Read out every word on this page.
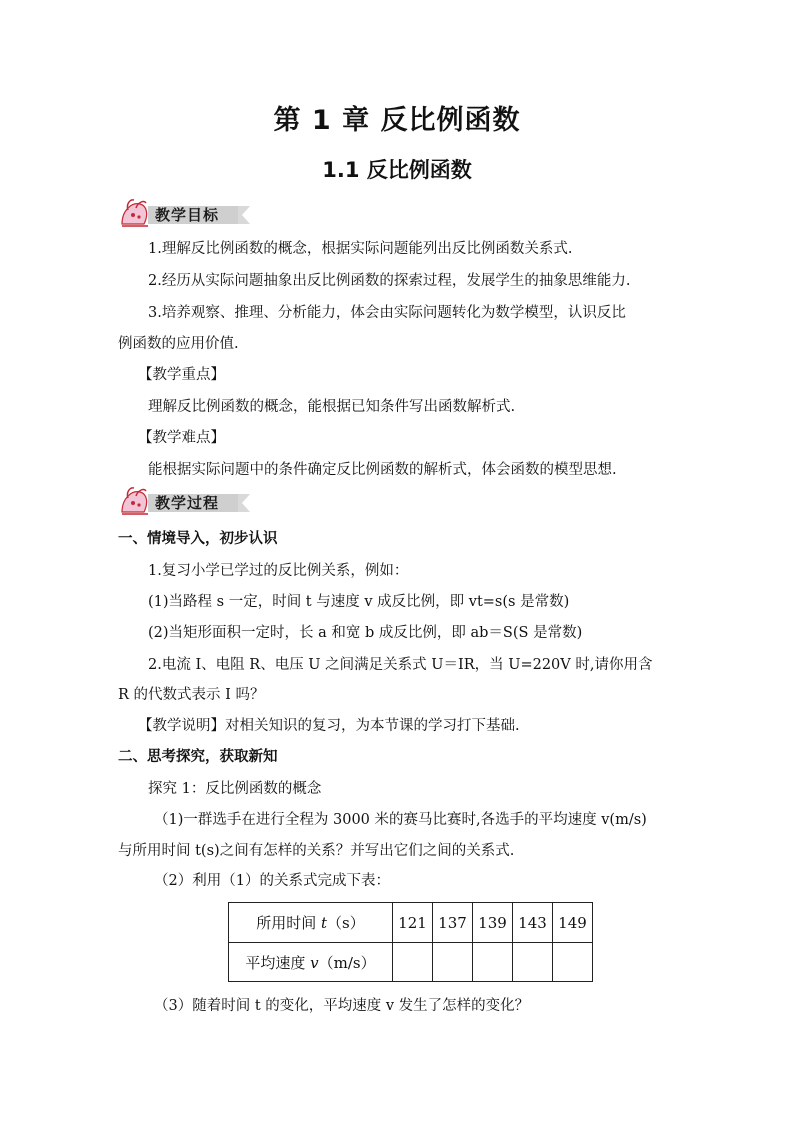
第 1 章 反比例函数
1.1 反比例函数
教学目标
1.理解反比例函数的概念，根据实际问题能列出反比例函数关系式.
2.经历从实际问题抽象出反比例函数的探索过程，发展学生的抽象思维能力.
3.培养观察、推理、分析能力，体会由实际问题转化为数学模型，认识反比
例函数的应用价值.
【教学重点】
理解反比例函数的概念，能根据已知条件写出函数解析式.
【教学难点】
能根据实际问题中的条件确定反比例函数的解析式，体会函数的模型思想.
教学过程
一、情境导入，初步认识
1.复习小学已学过的反比例关系，例如：
(1)当路程 s 一定，时间 t 与速度 v 成反比例，即 vt=s(s 是常数)
(2)当矩形面积一定时，长 a 和宽 b 成反比例，即 ab＝S(S 是常数)
2.电流 I、电阻 R、电压 U 之间满足关系式 U＝IR，当 U=220V 时,请你用含
R 的代数式表示 I 吗？
【教学说明】对相关知识的复习，为本节课的学习打下基础.
二、思考探究，获取新知
探究 1：反比例函数的概念
（1)一群选手在进行全程为 3000 米的赛马比赛时,各选手的平均速度 v(m/s)
与所用时间 t(s)之间有怎样的关系？并写出它们之间的关系式.
（2）利用（1）的关系式完成下表：
所用时间 t（s）	121	137	139	143	149
平均速度 v（m/s）					
（3）随着时间 t 的变化，平均速度 v 发生了怎样的变化？
